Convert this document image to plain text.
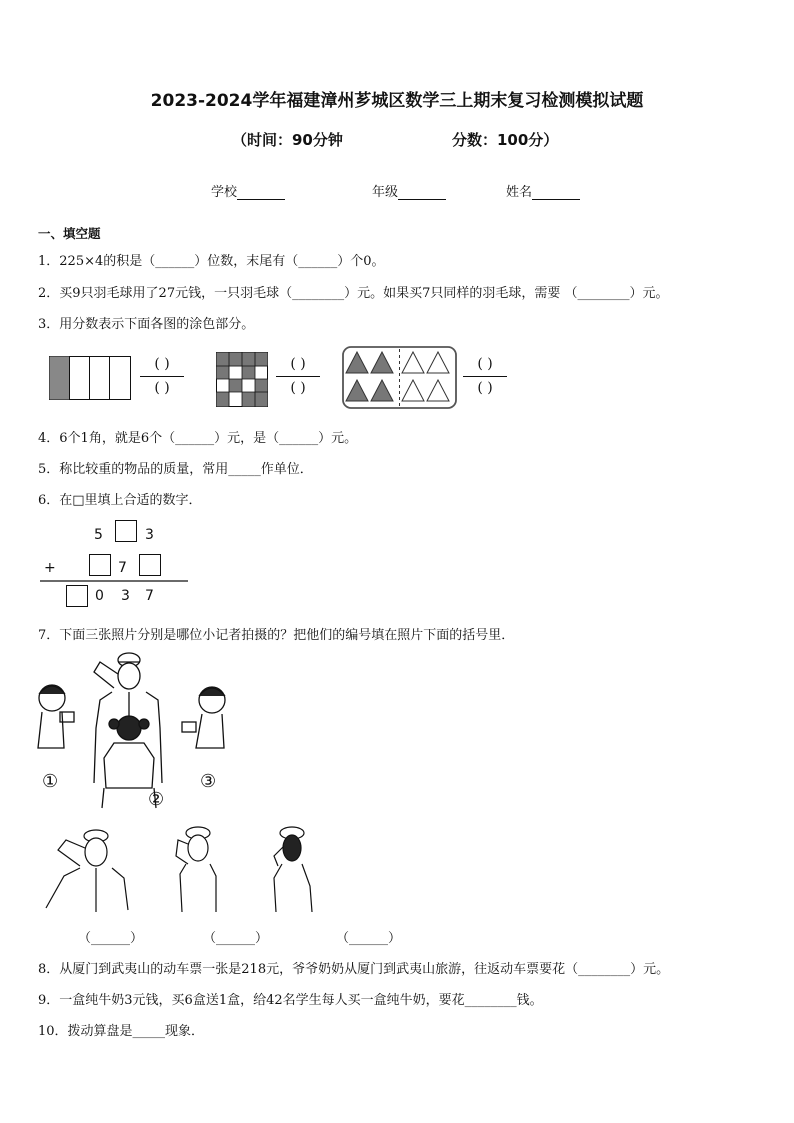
2023-2024学年福建漳州芗城区数学三上期末复习检测模拟试题
（时间：90分钟	分数：100分）
学校	年级	姓名
一、填空题
1．225×4的积是（______）位数，末尾有（______）个0。
2．买9只羽毛球用了27元钱，一只羽毛球（________）元。如果买7只同样的羽毛球，需要 （________）元。
3．用分数表示下面各图的涂色部分。
( )
( )
( )
( )
( )
( )
4．6个1角，就是6个（______）元，是（______）元。
5．称比较重的物品的质量，常用_____作单位．
6．在□里填上合适的数字．
5	3
+	7
0 3 7
7．下面三张照片分别是哪位小记者拍摄的？把他们的编号填在照片下面的括号里．
①
②
③
（______）	（______）	（______）
8．从厦门到武夷山的动车票一张是218元，爷爷奶奶从厦门到武夷山旅游，往返动车票要花（________）元。
9．一盒纯牛奶3元钱，买6盒送1盒，给42名学生每人买一盒纯牛奶，要花________钱。
10．拨动算盘是_____现象．
